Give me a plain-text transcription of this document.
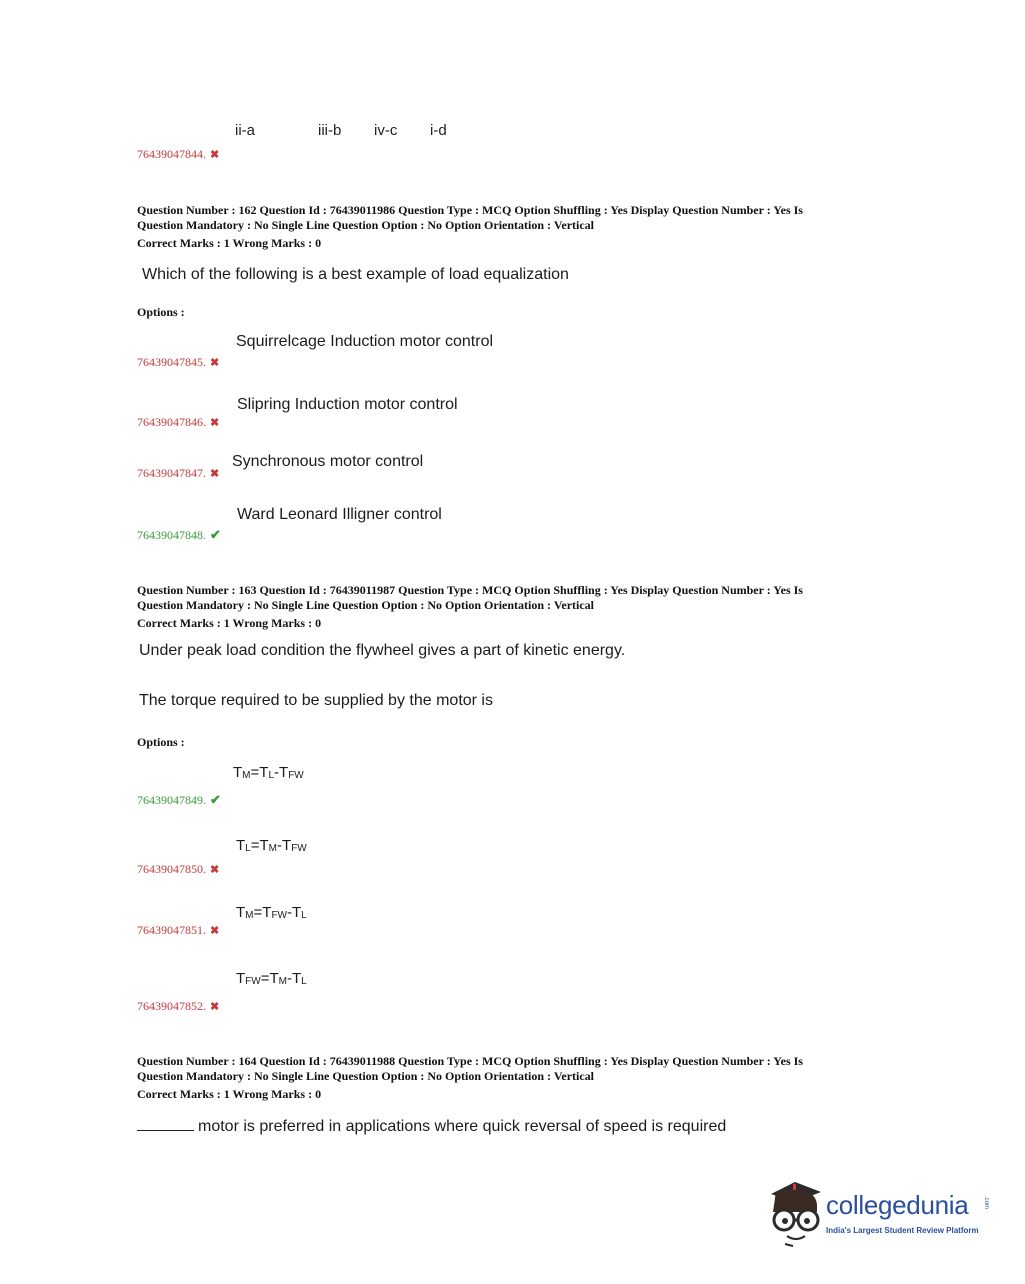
ii-a	iii-b iv-c i-d
76439047844. ✖
Question Number : 162 Question Id : 76439011986 Question Type : MCQ Option Shuffling : Yes Display Question Number : Yes Is
Question Mandatory : No Single Line Question Option : No Option Orientation : Vertical
Correct Marks : 1 Wrong Marks : 0
Which of the following is a best example of load equalization
Options :
Squirrelcage Induction motor control
76439047845. ✖
Slipring Induction motor control
76439047846. ✖
Synchronous motor control
76439047847. ✖
Ward Leonard Illigner control
76439047848. ✔
Question Number : 163 Question Id : 76439011987 Question Type : MCQ Option Shuffling : Yes Display Question Number : Yes Is
Question Mandatory : No Single Line Question Option : No Option Orientation : Vertical
Correct Marks : 1 Wrong Marks : 0
Under peak load condition the flywheel gives a part of kinetic energy.
The torque required to be supplied by the motor is
Options :
$T_M=T_L-T_{FW}$
76439047849. ✔
$T_L=T_M-T_{FW}$
76439047850. ✖
$T_M=T_{FW}-T_L$
76439047851. ✖
$T_{FW}=T_M-T_L$
76439047852. ✖
Question Number : 164 Question Id : 76439011988 Question Type : MCQ Option Shuffling : Yes Display Question Number : Yes Is
Question Mandatory : No Single Line Question Option : No Option Orientation : Vertical
Correct Marks : 1 Wrong Marks : 0
motor is preferred in applications where quick reversal of speed is required
collegedunia .com
India's Largest Student Review Platform
